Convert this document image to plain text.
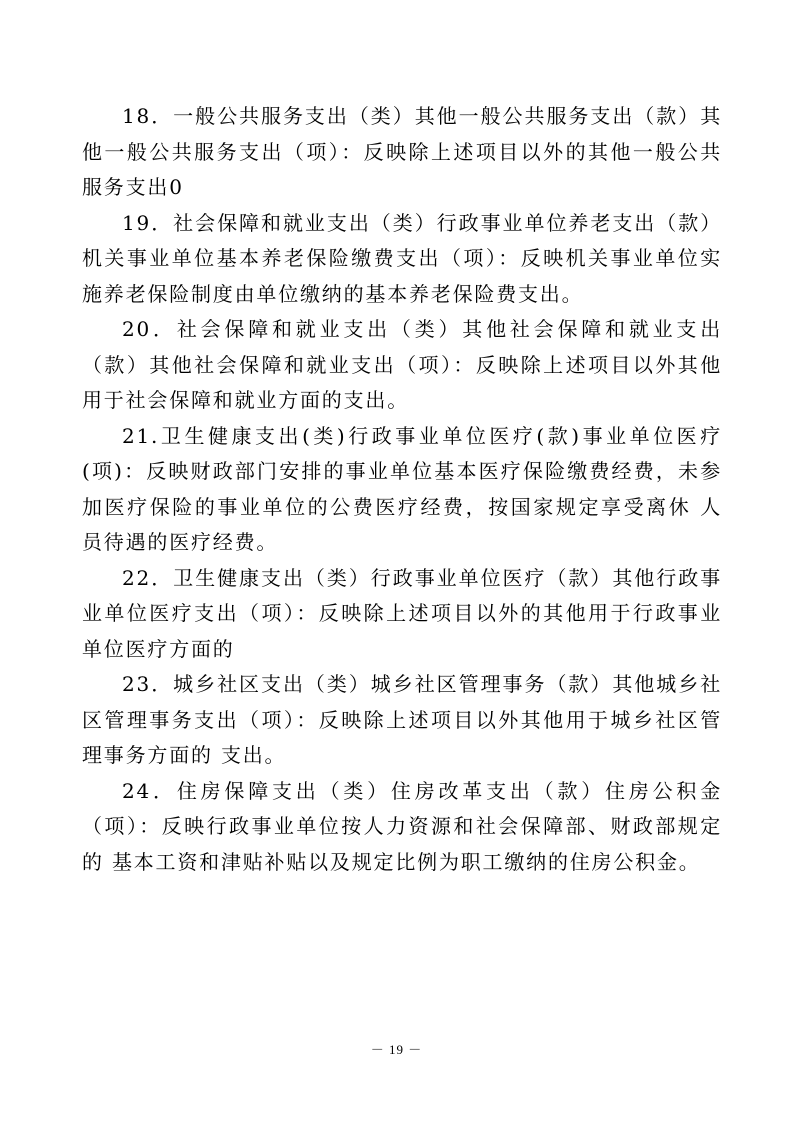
18．一般公共服务支出（类）其他一般公共服务支出（款）其他一般公共服务支出（项）：反映除上述项目以外的其他一般公共服务支出0

19．社会保障和就业支出（类）行政事业单位养老支出（款）机关事业单位基本养老保险缴费支出（项）：反映机关事业单位实施养老保险制度由单位缴纳的基本养老保险费支出。

20．社会保障和就业支出（类）其他社会保障和就业支出（款）其他社会保障和就业支出（项）：反映除上述项目以外其他用于社会保障和就业方面的支出。

21.卫生健康支出(类)行政事业单位医疗(款)事业单位医疗(项)：反映财政部门安排的事业单位基本医疗保险缴费经费，未参 加医疗保险的事业单位的公费医疗经费，按国家规定享受离休 人员待遇的医疗经费。

22．卫生健康支出（类）行政事业单位医疗（款）其他行政事业单位医疗支出（项）：反映除上述项目以外的其他用于行政事业单位医疗方面的

23．城乡社区支出（类）城乡社区管理事务（款）其他城乡社区管理事务支出（项）：反映除上述项目以外其他用于城乡社区管理事务方面的 支出。

24．住房保障支出（类）住房改革支出（款）住房公积金（项）：反映行政事业单位按人力资源和社会保障部、财政部规定的 基本工资和津贴补贴以及规定比例为职工缴纳的住房公积金。

－ 19 －
